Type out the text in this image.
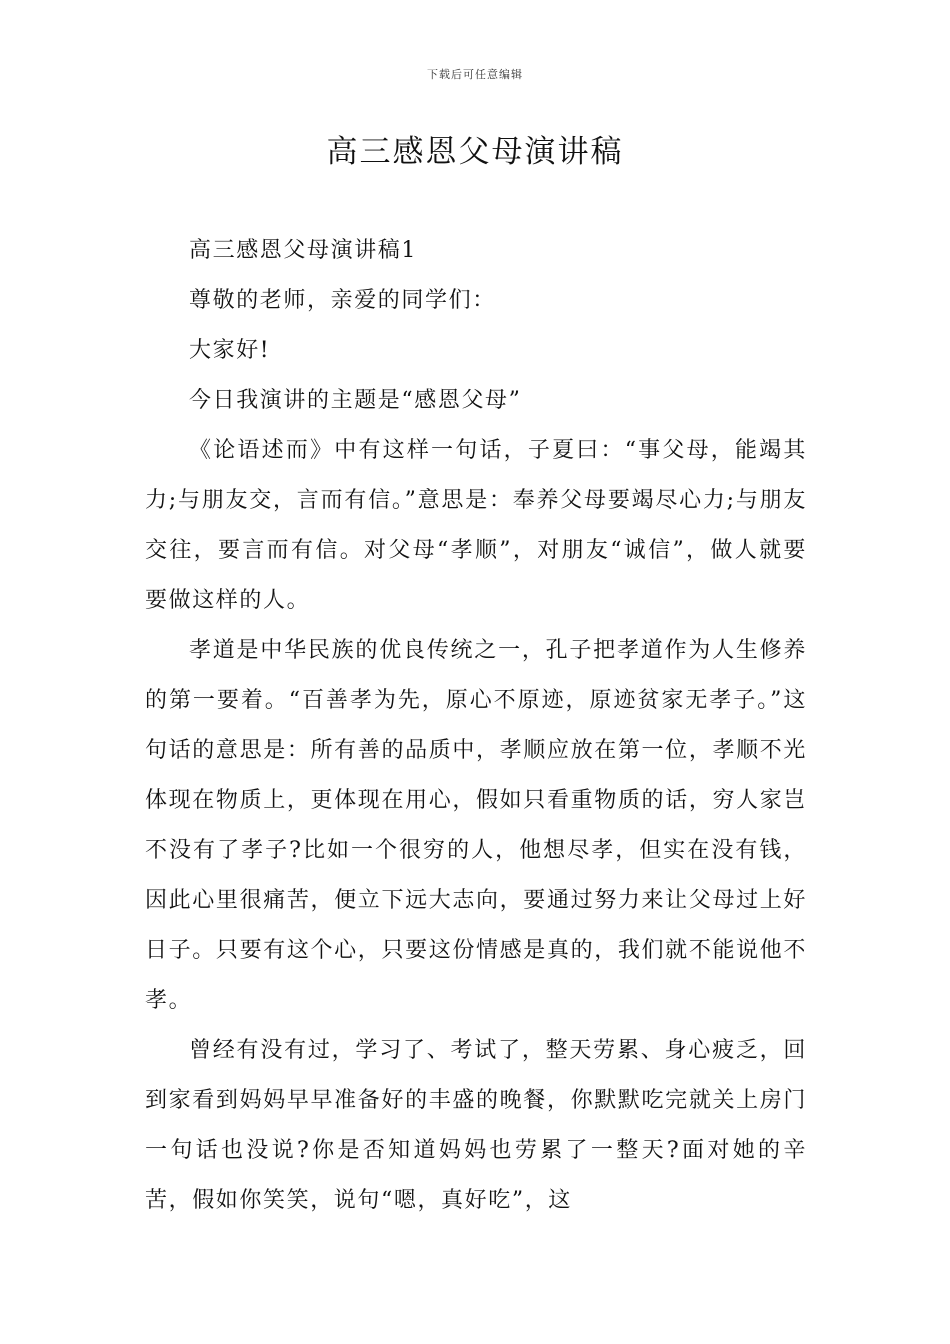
下载后可任意编辑
高三感恩父母演讲稿

高三感恩父母演讲稿1

尊敬的老师，亲爱的同学们：

大家好!

今日我演讲的主题是“感恩父母”

《论语述而》中有这样一句话，子夏曰：“事父母，能竭其力;与朋友交，言而有信。”意思是：奉养父母要竭尽心力;与朋友交往，要言而有信。对父母“孝顺”，对朋友“诚信”，做人就要要做这样的人。

孝道是中华民族的优良传统之一，孔子把孝道作为人生修养的第一要着。“百善孝为先，原心不原迹，原迹贫家无孝子。”这句话的意思是：所有善的品质中，孝顺应放在第一位，孝顺不光体现在物质上，更体现在用心，假如只看重物质的话，穷人家岂不没有了孝子?比如一个很穷的人，他想尽孝，但实在没有钱，因此心里很痛苦，便立下远大志向，要通过努力来让父母过上好日子。只要有这个心，只要这份情感是真的，我们就不能说他不孝。

曾经有没有过，学习了、考试了，整天劳累、身心疲乏，回到家看到妈妈早早准备好的丰盛的晚餐，你默默吃完就关上房门一句话也没说?你是否知道妈妈也劳累了一整天?面对她的辛苦，假如你笑笑，说句“嗯，真好吃”，这
